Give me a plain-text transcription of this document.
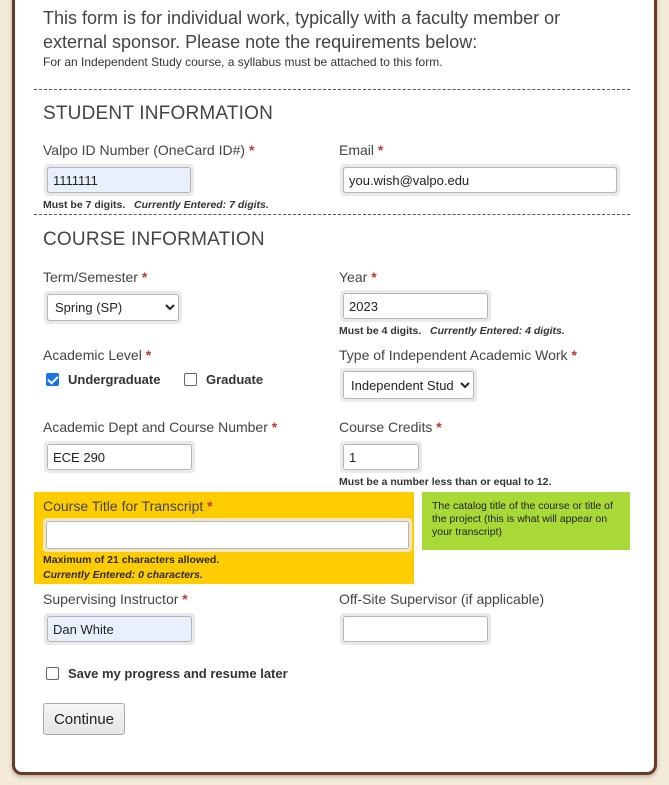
This form is for individual work, typically with a faculty member or external sponsor. Please note the requirements below:
For an Independent Study course, a syllabus must be attached to this form.
STUDENT INFORMATION
Valpo ID Number (OneCard ID#) *
1111111
Must be 7 digits. Currently Entered: 7 digits.
Email *
you.wish@valpo.edu
COURSE INFORMATION
Term/Semester *
Spring (SP)	Year *
2023
Must be 4 digits. Currently Entered: 4 digits.
Academic Level *
Undergraduate	Graduate
Type of Independent Academic Work *
Independent Study
Academic Dept and Course Number *
ECE 290	Course Credits *
1
Must be a number less than or equal to 12.
Course Title for Transcript *
Maximum of 21 characters allowed.
Currently Entered: 0 characters.
The catalog title of the course or title of the project (this is what will appear on your transcript)
Supervising Instructor *
Dan White	Off-Site Supervisor (if applicable)
Save my progress and resume later
Continue
